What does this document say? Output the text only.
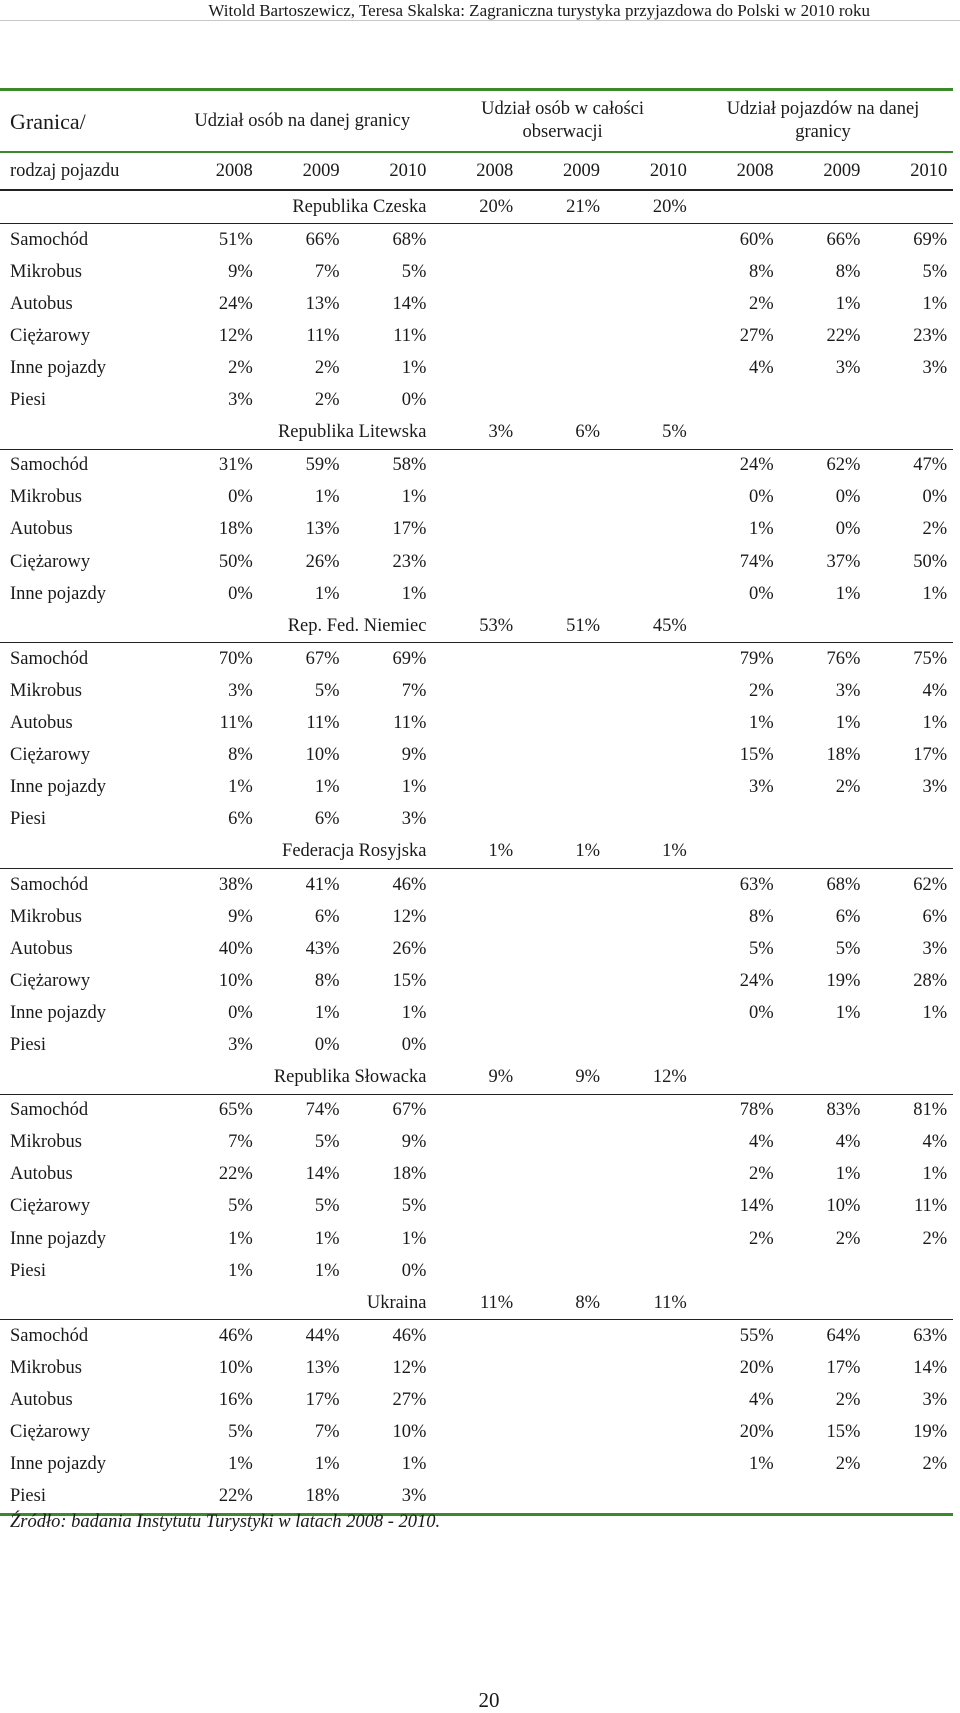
Witold Bartoszewicz, Teresa Skalska: Zagraniczna turystyka przyjazdowa do Polski w 2010 roku
Granica/	Udział osób na danej granicy			Udział osób w całości obserwacji			Udział pojazdów na danej granicy		
rodzaj pojazdu	2008	2009	2010	2008	2009	2010	2008	2009	2010
	Republika Czeska			20%	21%	20%			
Samochód	51%	66%	68%				60%	66%	69%
Mikrobus	9%	7%	5%				8%	8%	5%
Autobus	24%	13%	14%				2%	1%	1%
Ciężarowy	12%	11%	11%				27%	22%	23%
Inne pojazdy	2%	2%	1%				4%	3%	3%
Piesi	3%	2%	0%						
	Republika Litewska			3%	6%	5%			
Samochód	31%	59%	58%				24%	62%	47%
Mikrobus	0%	1%	1%				0%	0%	0%
Autobus	18%	13%	17%				1%	0%	2%
Ciężarowy	50%	26%	23%				74%	37%	50%
Inne pojazdy	0%	1%	1%				0%	1%	1%
	Rep. Fed. Niemiec			53%	51%	45%			
Samochód	70%	67%	69%				79%	76%	75%
Mikrobus	3%	5%	7%				2%	3%	4%
Autobus	11%	11%	11%				1%	1%	1%
Ciężarowy	8%	10%	9%				15%	18%	17%
Inne pojazdy	1%	1%	1%				3%	2%	3%
Piesi	6%	6%	3%						
	Federacja Rosyjska			1%	1%	1%			
Samochód	38%	41%	46%				63%	68%	62%
Mikrobus	9%	6%	12%				8%	6%	6%
Autobus	40%	43%	26%				5%	5%	3%
Ciężarowy	10%	8%	15%				24%	19%	28%
Inne pojazdy	0%	1%	1%				0%	1%	1%
Piesi	3%	0%	0%						
	Republika Słowacka			9%	9%	12%			
Samochód	65%	74%	67%				78%	83%	81%
Mikrobus	7%	5%	9%				4%	4%	4%
Autobus	22%	14%	18%				2%	1%	1%
Ciężarowy	5%	5%	5%				14%	10%	11%
Inne pojazdy	1%	1%	1%				2%	2%	2%
Piesi	1%	1%	0%						
	Ukraina			11%	8%	11%			
Samochód	46%	44%	46%				55%	64%	63%
Mikrobus	10%	13%	12%				20%	17%	14%
Autobus	16%	17%	27%				4%	2%	3%
Ciężarowy	5%	7%	10%				20%	15%	19%
Inne pojazdy	1%	1%	1%				1%	2%	2%
Piesi	22%	18%	3%						
Źródło: badania Instytutu Turystyki w latach 2008 - 2010.
20
